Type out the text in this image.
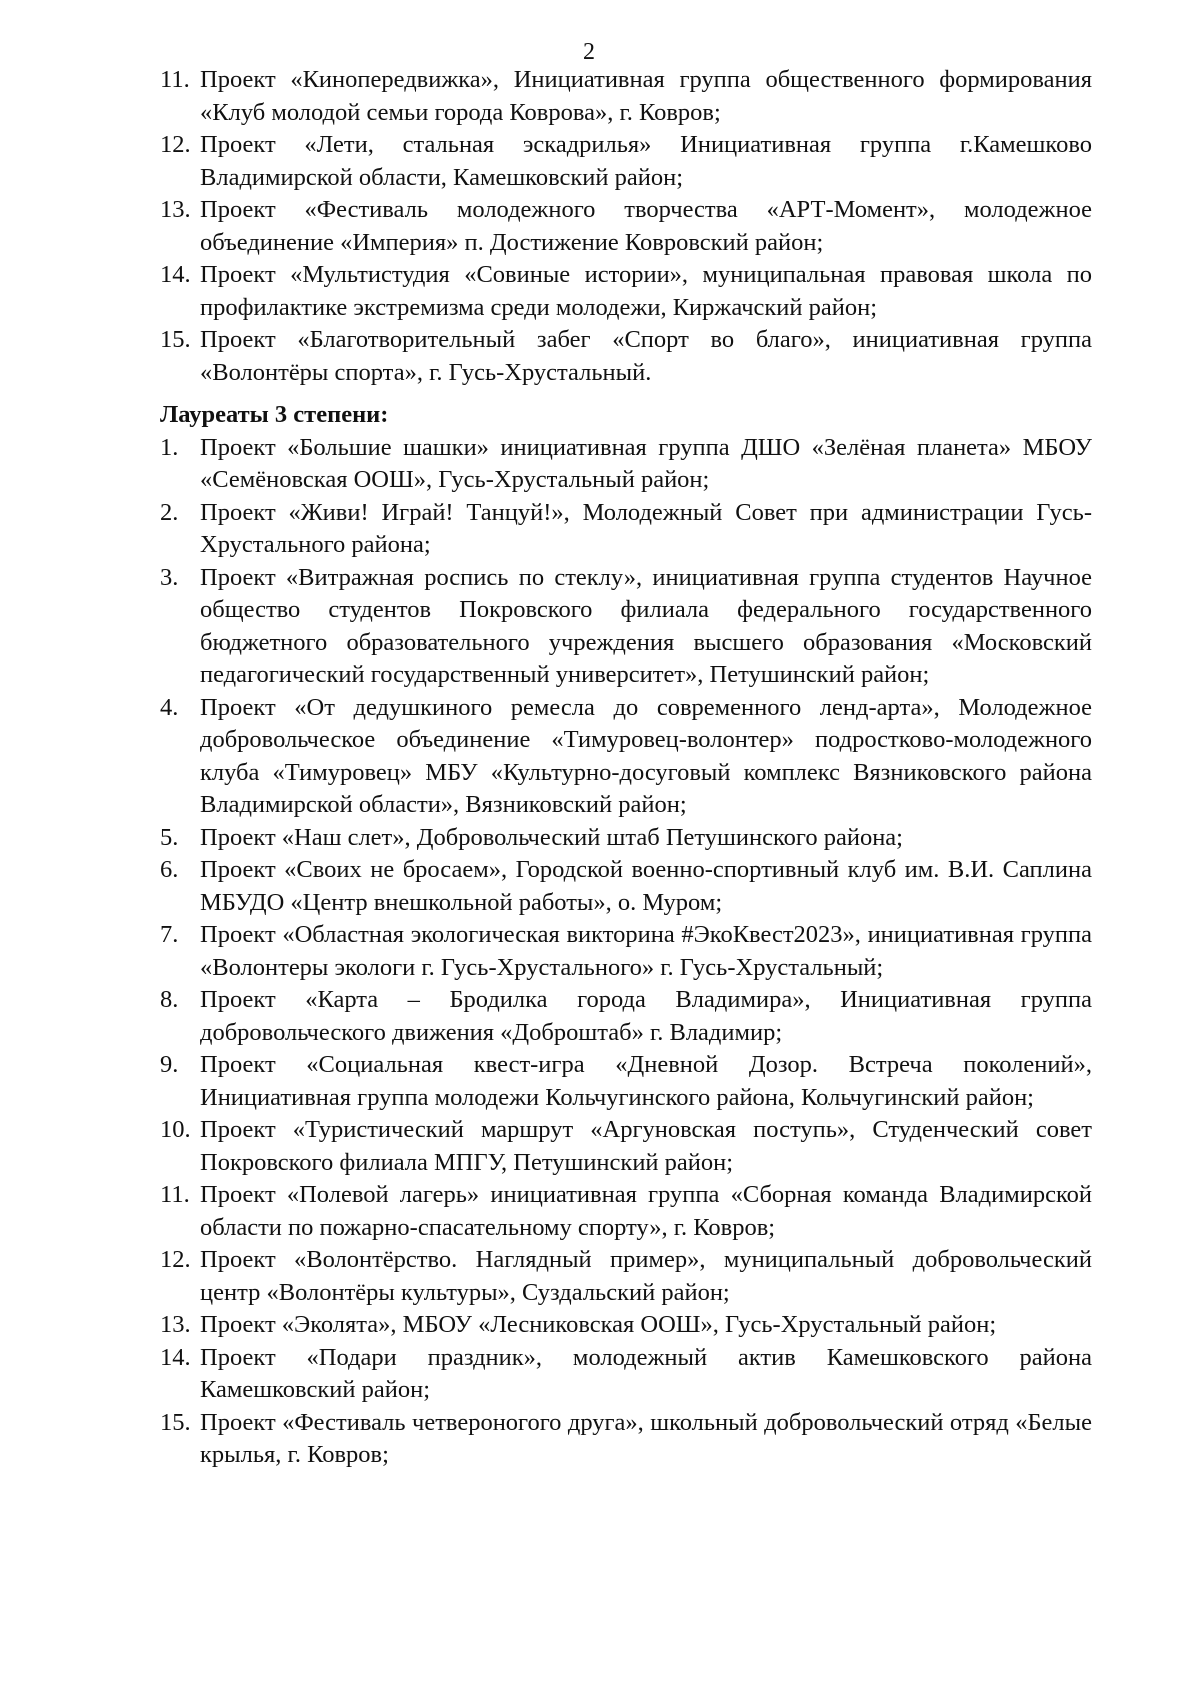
2
11. Проект «Кинопередвижка», Инициативная группа общественного формирования «Клуб молодой семьи города Коврова», г. Ковров;
12. Проект «Лети, стальная эскадрилья» Инициативная группа г.Камешково Владимирской области, Камешковский район;
13. Проект «Фестиваль молодежного творчества «АРТ-Момент», молодежное объединение «Империя» п. Достижение Ковровский район;
14. Проект «Мультистудия «Совиные истории», муниципальная правовая школа по профилактике экстремизма среди молодежи, Киржачский район;
15. Проект «Благотворительный забег «Спорт во благо», инициативная группа «Волонтёры спорта», г. Гусь-Хрустальный.
Лауреаты 3 степени:
1. Проект «Большие шашки» инициативная группа ДШО «Зелёная планета» МБОУ «Семёновская ООШ», Гусь-Хрустальный район;
2. Проект «Живи! Играй! Танцуй!», Молодежный Совет при администрации Гусь-Хрустального района;
3. Проект «Витражная роспись по стеклу», инициативная группа студентов Научное общество студентов Покровского филиала федерального государственного бюджетного образовательного учреждения высшего образования «Московский педагогический государственный университет», Петушинский район;
4. Проект «От дедушкиного ремесла до современного ленд-арта», Молодежное добровольческое объединение «Тимуровец-волонтер» подростково-молодежного клуба «Тимуровец» МБУ «Культурно-досуговый комплекс Вязниковского района Владимирской области», Вязниковский район;
5. Проект «Наш слет», Добровольческий штаб Петушинского района;
6. Проект «Своих не бросаем», Городской военно-спортивный клуб им. В.И. Саплина МБУДО «Центр внешкольной работы», о. Муром;
7. Проект «Областная экологическая викторина #ЭкоКвест2023», инициативная группа «Волонтеры экологи г. Гусь-Хрустального» г. Гусь-Хрустальный;
8. Проект «Карта – Бродилка города Владимира», Инициативная группа добровольческого движения «Доброштаб» г. Владимир;
9. Проект «Социальная квест-игра «Дневной Дозор. Встреча поколений», Инициативная группа молодежи Кольчугинского района, Кольчугинский район;
10. Проект «Туристический маршрут «Аргуновская поступь», Студенческий совет Покровского филиала МПГУ, Петушинский район;
11. Проект «Полевой лагерь» инициативная группа «Сборная команда Владимирской области по пожарно-спасательному спорту», г. Ковров;
12. Проект «Волонтёрство. Наглядный пример», муниципальный добровольческий центр «Волонтёры культуры», Суздальский район;
13. Проект «Эколята», МБОУ «Лесниковская ООШ», Гусь-Хрустальный район;
14. Проект «Подари праздник», молодежный актив Камешковского района Камешковский район;
15. Проект «Фестиваль четвероногого друга», школьный добровольческий отряд «Белые крылья, г. Ковров;
